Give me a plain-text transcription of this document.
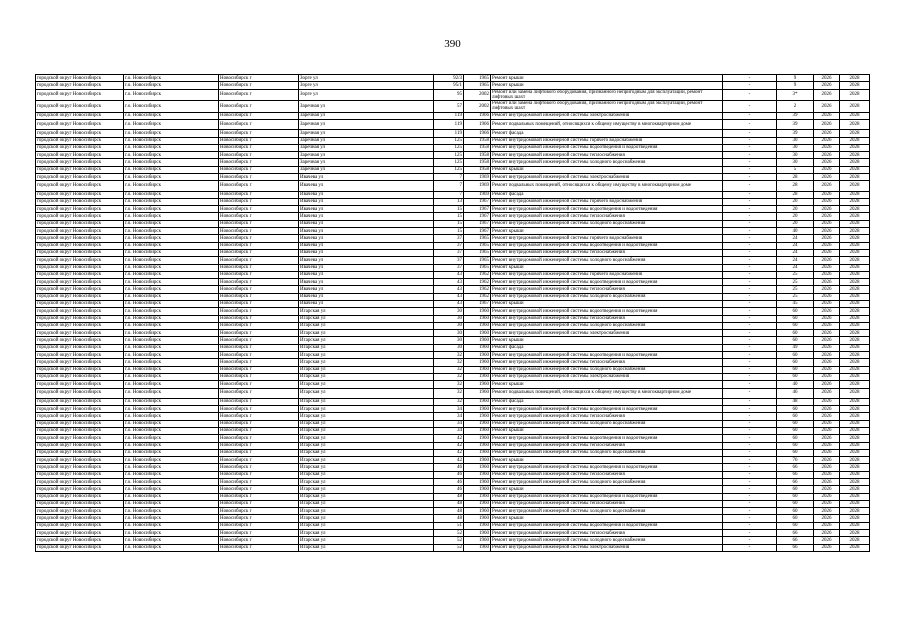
390
городской округ Новосибирск	г.о. Новосибирск	Новосибирск г	Зорге ул	92/3	1965	Ремонт крыши	-	9	2026	2028
городской округ Новосибирск	г.о. Новосибирск	Новосибирск г	Зорге ул	95/1	1965	Ремонт крыши	-	9	2026	2028
городской округ Новосибирск	г.о. Новосибирск	Новосибирск г	Зорге ул	95	2002	Ремонт или замена лифтового оборудования, признанного непригодным для эксплуатации, ремонт лифтовых шахт	-	3*	2026	2028
городской округ Новосибирск	г.о. Новосибирск	Новосибирск г	Заречная ул	57	2002	Ремонт или замена лифтового оборудования, признанного непригодным для эксплуатации, ремонт лифтовых шахт	-	2	2026	2028
городской округ Новосибирск	г.о. Новосибирск	Новосибирск г	Заречная ул	119	1966	Ремонт внутридомовой инженерной системы электроснабжения	-	39	2026	2028
городской округ Новосибирск	г.о. Новосибирск	Новосибирск г	Заречная ул	119	1966	Ремонт подвальных помещений, относящихся к общему имуществу в многоквартирном доме	-	39	2026	2028
городской округ Новосибирск	г.о. Новосибирск	Новосибирск г	Заречная ул	119	1966	Ремонт фасада	-	39	2026	2028
городской округ Новосибирск	г.о. Новосибирск	Новосибирск г	Заречная ул	125	1958	Ремонт внутридомовой инженерной системы горячего водоснабжения	-	30	2026	2028
городской округ Новосибирск	г.о. Новосибирск	Новосибирск г	Заречная ул	125	1958	Ремонт внутридомовой инженерной системы водоотведения и водоотведения	-	30	2026	2028
городской округ Новосибирск	г.о. Новосибирск	Новосибирск г	Заречная ул	125	1958	Ремонт внутридомовой инженерной системы теплоснабжения	-	30	2026	2028
городской округ Новосибирск	г.о. Новосибирск	Новосибирск г	Заречная ул	125	1958	Ремонт внутридомовой инженерной системы холодного водоснабжения	-	30	2026	2028
городской округ Новосибирск	г.о. Новосибирск	Новосибирск г	Заречная ул	125	1958	Ремонт крыши	-	5	2026	2028
городской округ Новосибирск	г.о. Новосибирск	Новосибирск г	Ивачева ул	7	1969	Ремонт внутридомовой инженерной системы электроснабжения	-	28	2026	2028
городской округ Новосибирск	г.о. Новосибирск	Новосибирск г	Ивачева ул	7	1969	Ремонт подвальных помещений, относящихся к общему имуществу в многоквартирном доме	-	28	2026	2028
городской округ Новосибирск	г.о. Новосибирск	Новосибирск г	Ивачева ул	7	1969	Ремонт фасада	-	28	2026	2028
городской округ Новосибирск	г.о. Новосибирск	Новосибирск г	Ивачева ул	13	1967	Ремонт внутридомовой инженерной системы горячего водоснабжения	-	20	2026	2028
городской округ Новосибирск	г.о. Новосибирск	Новосибирск г	Ивачева ул	15	1967	Ремонт внутридомовой инженерной системы водоотведения и водоотведения	-	20	2026	2028
городской округ Новосибирск	г.о. Новосибирск	Новосибирск г	Ивачева ул	15	1967	Ремонт внутридомовой инженерной системы теплоснабжения	-	20	2026	2028
городской округ Новосибирск	г.о. Новосибирск	Новосибирск г	Ивачева ул	15	1967	Ремонт внутридомовой инженерной системы холодного водоснабжения	-	20	2026	2028
городской округ Новосибирск	г.о. Новосибирск	Новосибирск г	Ивачева ул	15	1967	Ремонт крыши	-	40	2026	2028
городской округ Новосибирск	г.о. Новосибирск	Новосибирск г	Ивачева ул	37	1965	Ремонт внутридомовой инженерной системы горячего водоснабжения	-	24	2026	2028
городской округ Новосибирск	г.о. Новосибирск	Новосибирск г	Ивачева ул	37	1965	Ремонт внутридомовой инженерной системы водоотведения и водоотведения	-	24	2026	2028
городской округ Новосибирск	г.о. Новосибирск	Новосибирск г	Ивачева ул	37	1965	Ремонт внутридомовой инженерной системы теплоснабжения	-	24	2026	2028
городской округ Новосибирск	г.о. Новосибирск	Новосибирск г	Ивачева ул	37	1965	Ремонт внутридомовой инженерной системы холодного водоснабжения	-	24	2026	2028
городской округ Новосибирск	г.о. Новосибирск	Новосибирск г	Ивачева ул	37	1965	Ремонт крыши	-	24	2026	2028
городской округ Новосибирск	г.о. Новосибирск	Новосибирск г	Ивачева ул	43	1962	Ремонт внутридомовой инженерной системы горячего водоснабжения	-	25	2026	2028
городской округ Новосибирск	г.о. Новосибирск	Новосибирск г	Ивачева ул	43	1962	Ремонт внутридомовой инженерной системы водоотведения и водоотведения	-	25	2026	2028
городской округ Новосибирск	г.о. Новосибирск	Новосибирск г	Ивачева ул	43	1962	Ремонт внутридомовой инженерной системы теплоснабжения	-	25	2026	2028
городской округ Новосибирск	г.о. Новосибирск	Новосибирск г	Ивачева ул	43	1962	Ремонт внутридомовой инженерной системы холодного водоснабжения	-	25	2026	2028
городской округ Новосибирск	г.о. Новосибирск	Новосибирск г	Ивачева ул	43	1967	Ремонт крыши	-	45	2026	2028
городской округ Новосибирск	г.о. Новосибирск	Новосибирск г	Игарская ул	30	1960	Ремонт внутридомовой инженерной системы водоотведения и водоотведения	-	60	2026	2028
городской округ Новосибирск	г.о. Новосибирск	Новосибирск г	Игарская ул	30	1960	Ремонт внутридомовой инженерной системы теплоснабжения	-	60	2026	2028
городской округ Новосибирск	г.о. Новосибирск	Новосибирск г	Игарская ул	30	1960	Ремонт внутридомовой инженерной системы холодного водоснабжения	-	60	2026	2028
городской округ Новосибирск	г.о. Новосибирск	Новосибирск г	Игарская ул	30	1960	Ремонт внутридомовой инженерной системы электроснабжения	-	60	2026	2028
городской округ Новосибирск	г.о. Новосибирск	Новосибирск г	Игарская ул	30	1960	Ремонт крыши	-	60	2026	2028
городской округ Новосибирск	г.о. Новосибирск	Новосибирск г	Игарская ул	30	1960	Ремонт фасада	-	49	2026	2028
городской округ Новосибирск	г.о. Новосибирск	Новосибирск г	Игарская ул	32	1960	Ремонт внутридомовой инженерной системы водоотведения и водоотведения	-	60	2026	2028
городской округ Новосибирск	г.о. Новосибирск	Новосибирск г	Игарская ул	32	1960	Ремонт внутридомовой инженерной системы теплоснабжения	-	60	2026	2028
городской округ Новосибирск	г.о. Новосибирск	Новосибирск г	Игарская ул	32	1960	Ремонт внутридомовой инженерной системы холодного водоснабжения	-	60	2026	2028
городской округ Новосибирск	г.о. Новосибирск	Новосибирск г	Игарская ул	32	1960	Ремонт внутридомовой инженерной системы электроснабжения	-	60	2026	2028
городской округ Новосибирск	г.о. Новосибирск	Новосибирск г	Игарская ул	32	1960	Ремонт крыши	-	40	2026	2028
городской округ Новосибирск	г.о. Новосибирск	Новосибирск г	Игарская ул	32	1960	Ремонт подвальных помещений, относящихся к общему имуществу в многоквартирном доме	-	46	2026	2028
городской округ Новосибирск	г.о. Новосибирск	Новосибирск г	Игарская ул	32	1960	Ремонт фасада	-	48	2026	2028
городской округ Новосибирск	г.о. Новосибирск	Новосибирск г	Игарская ул	34	1960	Ремонт внутридомовой инженерной системы водоотведения и водоотведения	-	60	2026	2028
городской округ Новосибирск	г.о. Новосибирск	Новосибирск г	Игарская ул	34	1960	Ремонт внутридомовой инженерной системы теплоснабжения	-	60	2026	2028
городской округ Новосибирск	г.о. Новосибирск	Новосибирск г	Игарская ул	34	1960	Ремонт внутридомовой инженерной системы холодного водоснабжения	-	60	2026	2028
городской округ Новосибирск	г.о. Новосибирск	Новосибирск г	Игарская ул	34	1960	Ремонт крыши	-	60	2026	2028
городской округ Новосибирск	г.о. Новосибирск	Новосибирск г	Игарская ул	42	1960	Ремонт внутридомовой инженерной системы водоотведения и водоотведения	-	60	2026	2028
городской округ Новосибирск	г.о. Новосибирск	Новосибирск г	Игарская ул	42	1960	Ремонт внутридомовой инженерной системы теплоснабжения	-	60	2026	2028
городской округ Новосибирск	г.о. Новосибирск	Новосибирск г	Игарская ул	42	1960	Ремонт внутридомовой инженерной системы холодного водоснабжения	-	60	2026	2028
городской округ Новосибирск	г.о. Новосибирск	Новосибирск г	Игарская ул	42	1960	Ремонт крыши	-	76	2026	2028
городской округ Новосибирск	г.о. Новосибирск	Новосибирск г	Игарская ул	46	1960	Ремонт внутридомовой инженерной системы водоотведения и водоотведения	-	66	2026	2028
городской округ Новосибирск	г.о. Новосибирск	Новосибирск г	Игарская ул	46	1960	Ремонт внутридомовой инженерной системы теплоснабжения	-	66	2026	2028
городской округ Новосибирск	г.о. Новосибирск	Новосибирск г	Игарская ул	46	1960	Ремонт внутридомовой инженерной системы холодного водоснабжения	-	66	2026	2028
городской округ Новосибирск	г.о. Новосибирск	Новосибирск г	Игарская ул	46	1960	Ремонт крыши	-	60	2026	2028
городской округ Новосибирск	г.о. Новосибирск	Новосибирск г	Игарская ул	48	1960	Ремонт внутридомовой инженерной системы водоотведения и водоотведения	-	60	2026	2028
городской округ Новосибирск	г.о. Новосибирск	Новосибирск г	Игарская ул	48	1960	Ремонт внутридомовой инженерной системы теплоснабжения	-	60	2026	2028
городской округ Новосибирск	г.о. Новосибирск	Новосибирск г	Игарская ул	48	1960	Ремонт внутридомовой инженерной системы холодного водоснабжения	-	60	2026	2028
городской округ Новосибирск	г.о. Новосибирск	Новосибирск г	Игарская ул	48	1960	Ремонт крыши	-	60	2026	2028
городской округ Новосибирск	г.о. Новосибирск	Новосибирск г	Игарская ул	51	1960	Ремонт внутридомовой инженерной системы водоотведения и водоотведения	-	60	2026	2028
городской округ Новосибирск	г.о. Новосибирск	Новосибирск г	Игарская ул	52	1960	Ремонт внутридомовой инженерной системы теплоснабжения	-	66	2026	2028
городской округ Новосибирск	г.о. Новосибирск	Новосибирск г	Игарская ул	52	1960	Ремонт внутридомовой инженерной системы холодного водоснабжения	-	66	2026	2028
городской округ Новосибирск	г.о. Новосибирск	Новосибирск г	Игарская ул	52	1960	Ремонт внутридомовой инженерной системы электроснабжения	-	66	2026	2028
